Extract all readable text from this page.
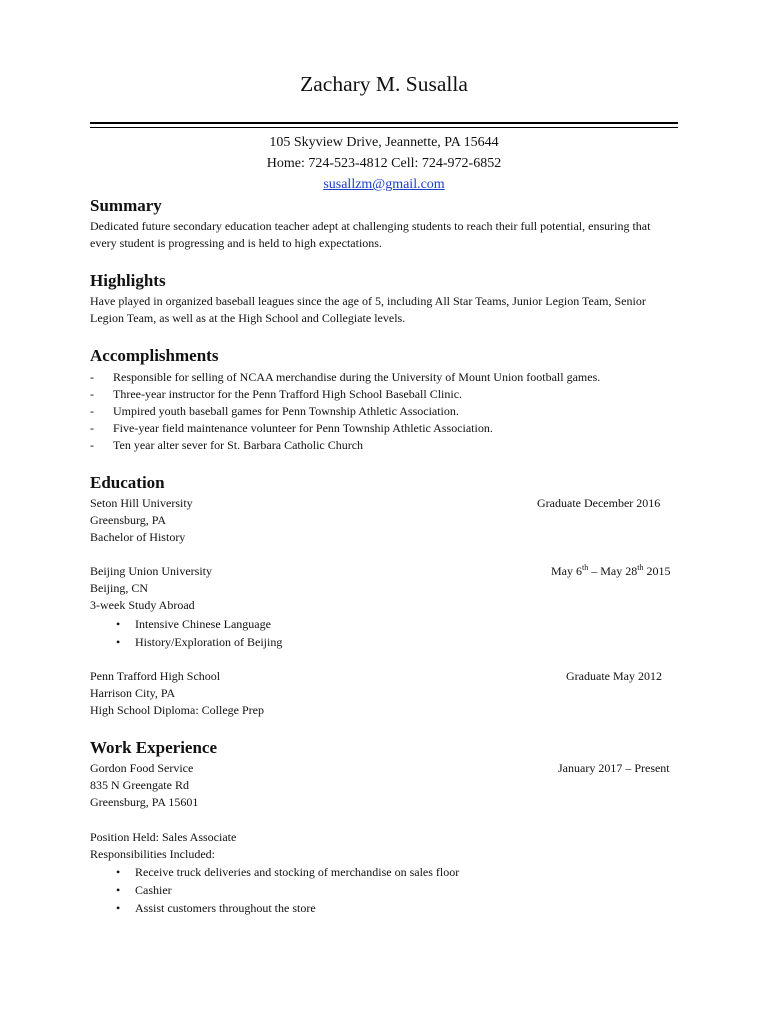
Zachary M. Susalla
105 Skyview Drive, Jeannette, PA 15644
Home: 724-523-4812 Cell: 724-972-6852
susallzm@gmail.com
Summary
Dedicated future secondary education teacher adept at challenging students to reach their full potential, ensuring that
every student is progressing and is held to high expectations.
Highlights
Have played in organized baseball leagues since the age of 5, including All Star Teams, Junior Legion Team, Senior
Legion Team, as well as at the High School and Collegiate levels.
Accomplishments
- Responsible for selling of NCAA merchandise during the University of Mount Union football games.
- Three-year instructor for the Penn Trafford High School Baseball Clinic.
- Umpired youth baseball games for Penn Township Athletic Association.
- Five-year field maintenance volunteer for Penn Township Athletic Association.
- Ten year alter sever for St. Barbara Catholic Church
Education
Seton Hill University	Graduate December 2016
Greensburg, PA
Bachelor of History
Beijing Union University	May 6th – May 28th 2015
Beijing, CN
3-week Study Abroad
• Intensive Chinese Language
• History/Exploration of Beijing
Penn Trafford High School	Graduate May 2012
Harrison City, PA
High School Diploma: College Prep
Work Experience
Gordon Food Service	January 2017 – Present
835 N Greengate Rd
Greensburg, PA 15601
Position Held: Sales Associate
Responsibilities Included:
• Receive truck deliveries and stocking of merchandise on sales floor
• Cashier
• Assist customers throughout the store
